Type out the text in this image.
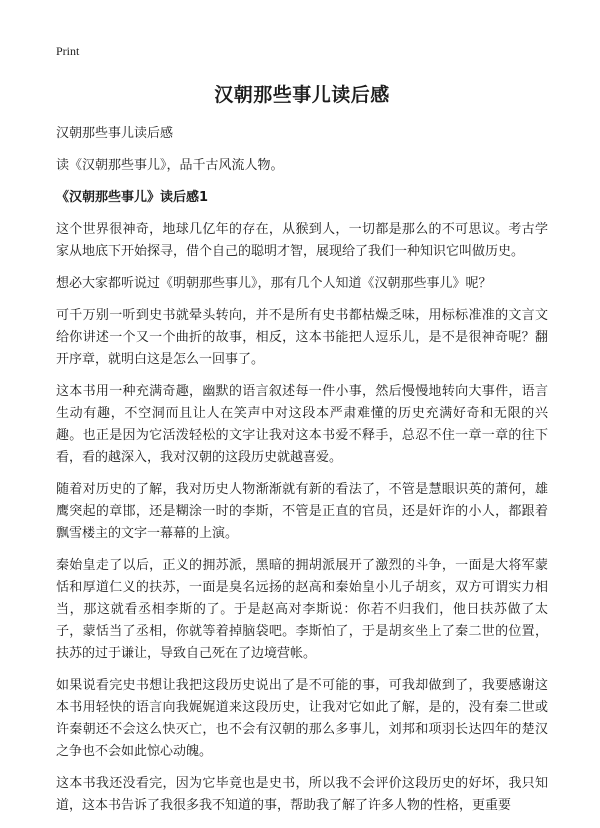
Print
汉朝那些事儿读后感

汉朝那些事儿读后感

读《汉朝那些事儿》，品千古风流人物。

《汉朝那些事儿》读后感1

这个世界很神奇，地球几亿年的存在，从猴到人，一切都是那么的不可思议。考古学家从地底下开始探寻，借个自己的聪明才智，展现给了我们一种知识它叫做历史。

想必大家都听说过《明朝那些事儿》，那有几个人知道《汉朝那些事儿》呢？

可千万别一听到史书就晕头转向，并不是所有史书都枯燥乏味，用标标准准的文言文给你讲述一个又一个曲折的故事，相反，这本书能把人逗乐儿，是不是很神奇呢？翻开序章，就明白这是怎么一回事了。

这本书用一种充满奇趣，幽默的语言叙述每一件小事，然后慢慢地转向大事件，语言生动有趣，不空洞而且让人在笑声中对这段本严肃难懂的历史充满好奇和无限的兴趣。也正是因为它活泼轻松的文字让我对这本书爱不释手，总忍不住一章一章的往下看，看的越深入，我对汉朝的这段历史就越喜爱。

随着对历史的了解，我对历史人物渐渐就有新的看法了，不管是慧眼识英的萧何，雄鹰突起的章邯，还是糊涂一时的李斯，不管是正直的官员，还是奸诈的小人，都跟着飘雪楼主的文字一幕幕的上演。

秦始皇走了以后，正义的拥苏派，黑暗的拥胡派展开了激烈的斗争，一面是大将军蒙恬和厚道仁义的扶苏，一面是臭名远扬的赵高和秦始皇小儿子胡亥，双方可谓实力相当，那这就看丞相李斯的了。于是赵高对李斯说：你若不归我们，他日扶苏做了太子，蒙恬当了丞相，你就等着掉脑袋吧。李斯怕了，于是胡亥坐上了秦二世的位置，扶苏的过于谦让，导致自己死在了边境营帐。

如果说看完史书想让我把这段历史说出了是不可能的事，可我却做到了，我要感谢这本书用轻快的语言向我娓娓道来这段历史，让我对它如此了解，是的，没有秦二世或许秦朝还不会这么快灭亡，也不会有汉朝的那么多事儿，刘邦和项羽长达四年的楚汉之争也不会如此惊心动魄。

这本书我还没看完，因为它毕竟也是史书，所以我不会评价这段历史的好坏，我只知道，这本书告诉了我很多我不知道的事，帮助我了解了许多人物的性格，更重要
